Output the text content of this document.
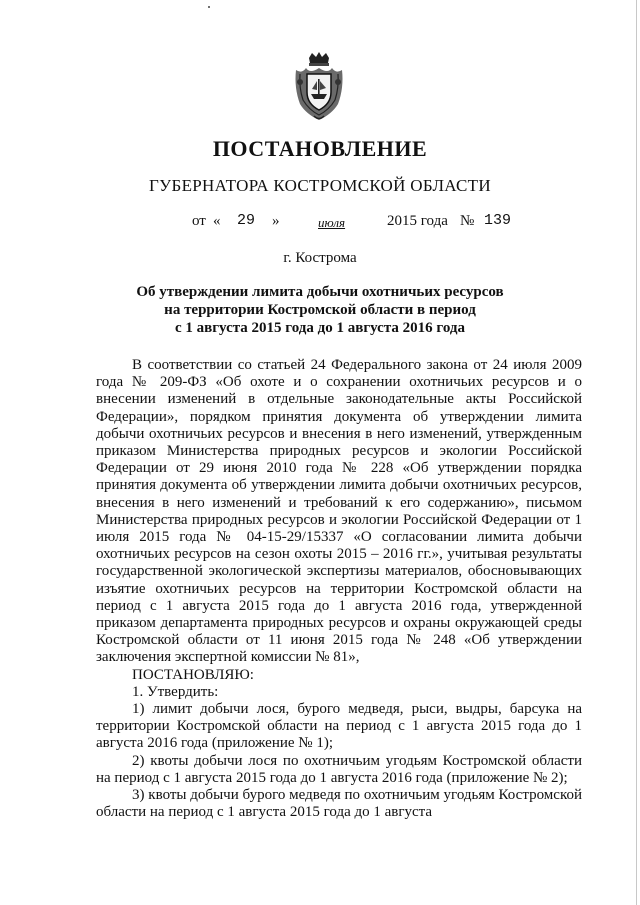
ПОСТАНОВЛЕНИЕ
ГУБЕРНАТОРА КОСТРОМСКОЙ ОБЛАСТИ
от « 29 »	июля	2015 года № 139
г. Кострома
Об утверждении лимита добычи охотничьих ресурсов
на территории Костромской области в период
с 1 августа 2015 года до 1 августа 2016 года

В соответствии со статьей 24 Федерального закона от 24 июля 2009 года № 209-ФЗ «Об охоте и о сохранении охотничьих ресурсов и о внесении изменений в отдельные законодательные акты Российской Федерации», порядком принятия документа об утверждении лимита добычи охотничьих ресурсов и внесения в него изменений, утвержденным приказом Министерства природных ресурсов и экологии Российской Федерации от 29 июня 2010 года № 228 «Об утверждении порядка принятия документа об утверждении лимита добычи охотничьих ресурсов, внесения в него изменений и требований к его содержанию», письмом Министерства природных ресурсов и экологии Российской Федерации от 1 июля 2015 года № 04-15-29/15337 «О согласовании лимита добычи охотничьих ресурсов на сезон охоты 2015 – 2016 гг.», учитывая результаты государственной экологической экспертизы материалов, обосновывающих изъятие охотничьих ресурсов на территории Костромской области на период с 1 августа 2015 года до 1 августа 2016 года, утвержденной приказом департамента природных ресурсов и охраны окружающей среды Костромской области от 11 июня 2015 года № 248 «Об утверждении заключения экспертной комиссии № 81»,

ПОСТАНОВЛЯЮ:

1. Утвердить:

1) лимит добычи лося, бурого медведя, рыси, выдры, барсука на территории Костромской области на период с 1 августа 2015 года до 1 августа 2016 года (приложение № 1);

2) квоты добычи лося по охотничьим угодьям Костромской области на период с 1 августа 2015 года до 1 августа 2016 года (приложение № 2);

3) квоты добычи бурого медведя по охотничьим угодьям Костромской области на период с 1 августа 2015 года до 1 августа
